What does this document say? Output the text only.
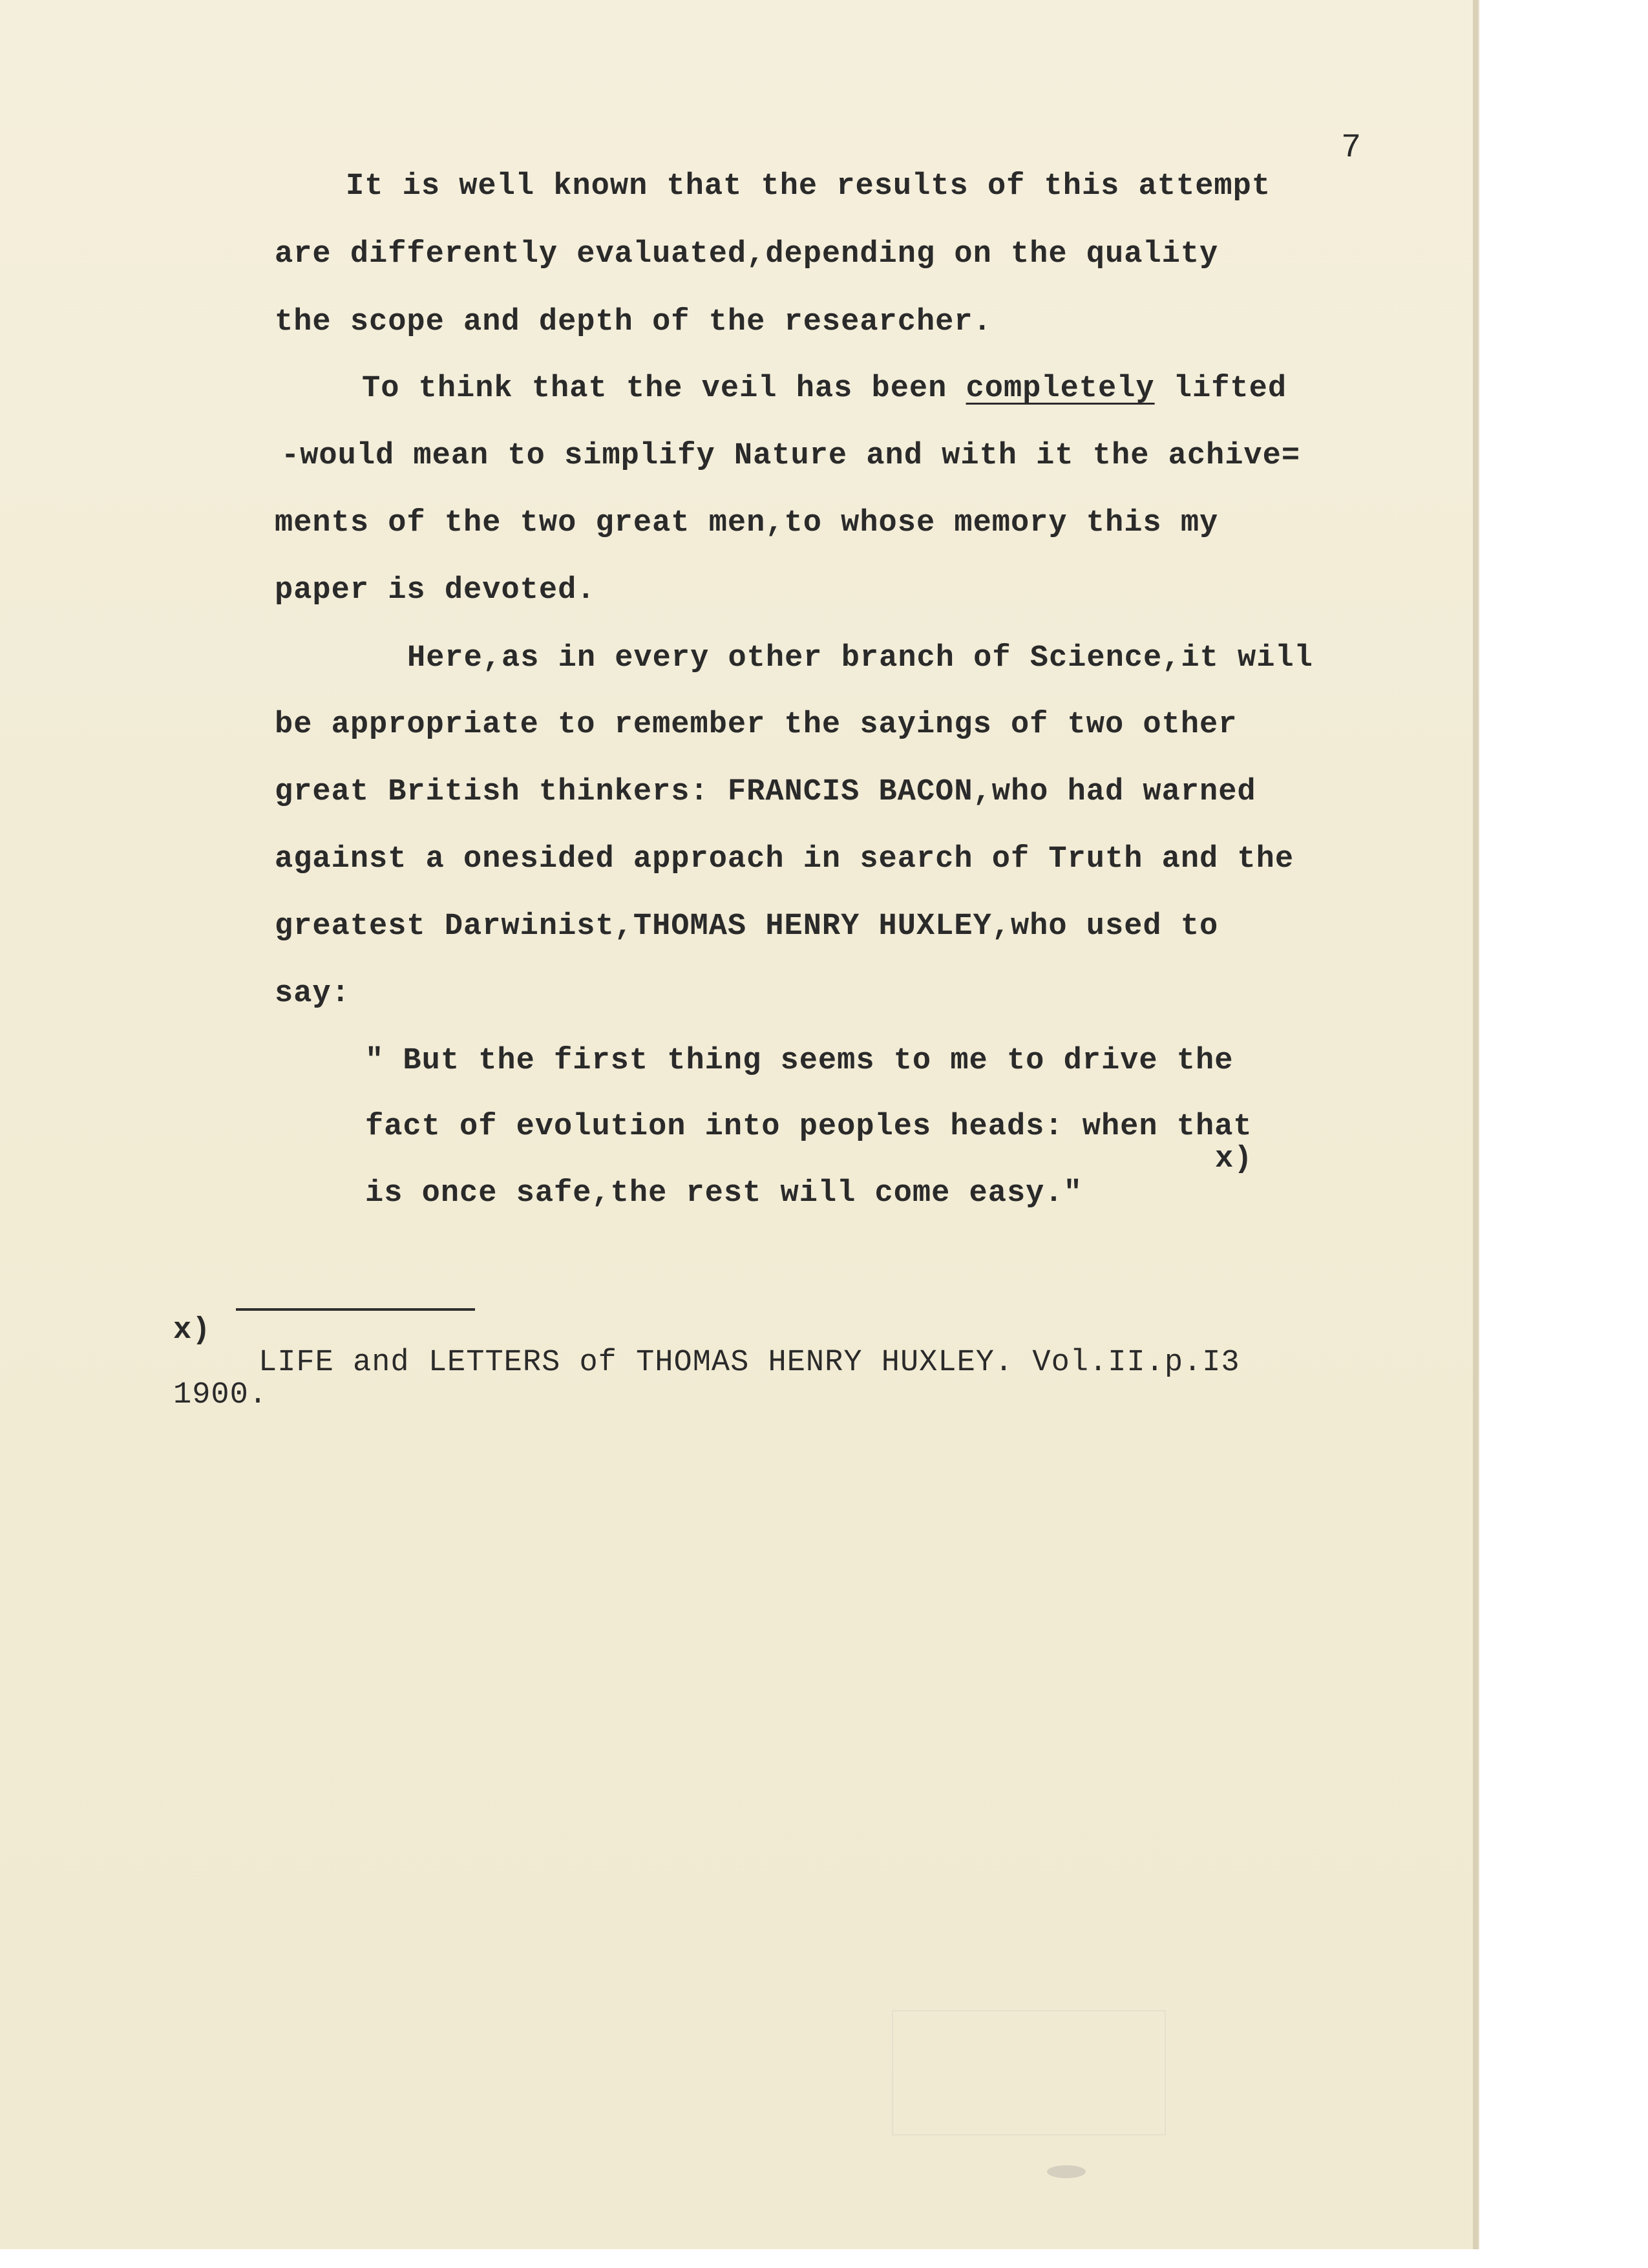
7
It is well known that the results of this attempt
are differently evaluated,depending on the quality
the scope and depth of the researcher.
To think that the veil has been completely lifted
-would mean to simplify Nature and with it the achive=
ments of the two great men,to whose memory this my
paper is devoted.
Here,as in every other branch of Science,it will
be appropriate to remember the sayings of two other
great British thinkers: FRANCIS BACON,who had warned
against a onesided approach in search of Truth and the
greatest Darwinist,THOMAS HENRY HUXLEY,who used to
say:
" But the first thing seems to me to drive the
fact of evolution into peoples heads: when that
x)
is once safe,the rest will come easy."
x)
LIFE and LETTERS of THOMAS HENRY HUXLEY. Vol.II.p.I3
1900.
